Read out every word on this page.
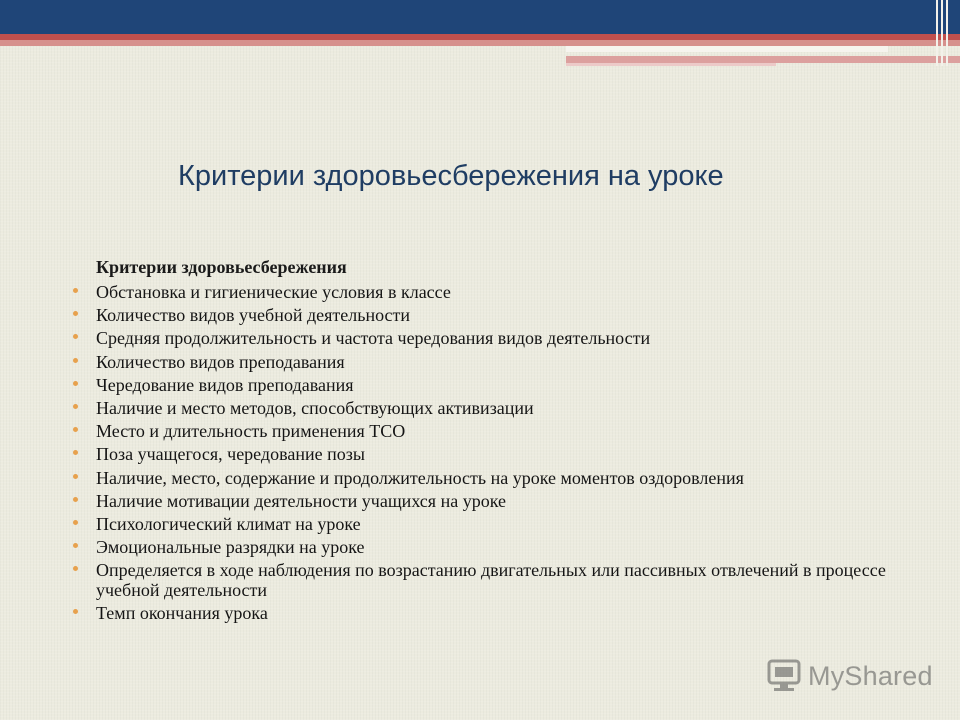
Критерии здоровьесбережения на уроке
Критерии здоровьесбережения
Обстановка и гигиенические условия в классе
Количество видов учебной деятельности
Средняя продолжительность и частота чередования видов деятельности
Количество видов преподавания
Чередование видов преподавания
Наличие и место методов, способствующих активизации
Место и длительность применения ТСО
Поза учащегося, чередование позы
Наличие, место, содержание и продолжительность на уроке моментов оздоровления
Наличие мотивации деятельности учащихся на уроке
Психологический климат на уроке
Эмоциональные разрядки на уроке
Определяется в ходе наблюдения по возрастанию двигательных или пассивных отвлечений в процессе учебной деятельности
Темп окончания урока
MyShared
